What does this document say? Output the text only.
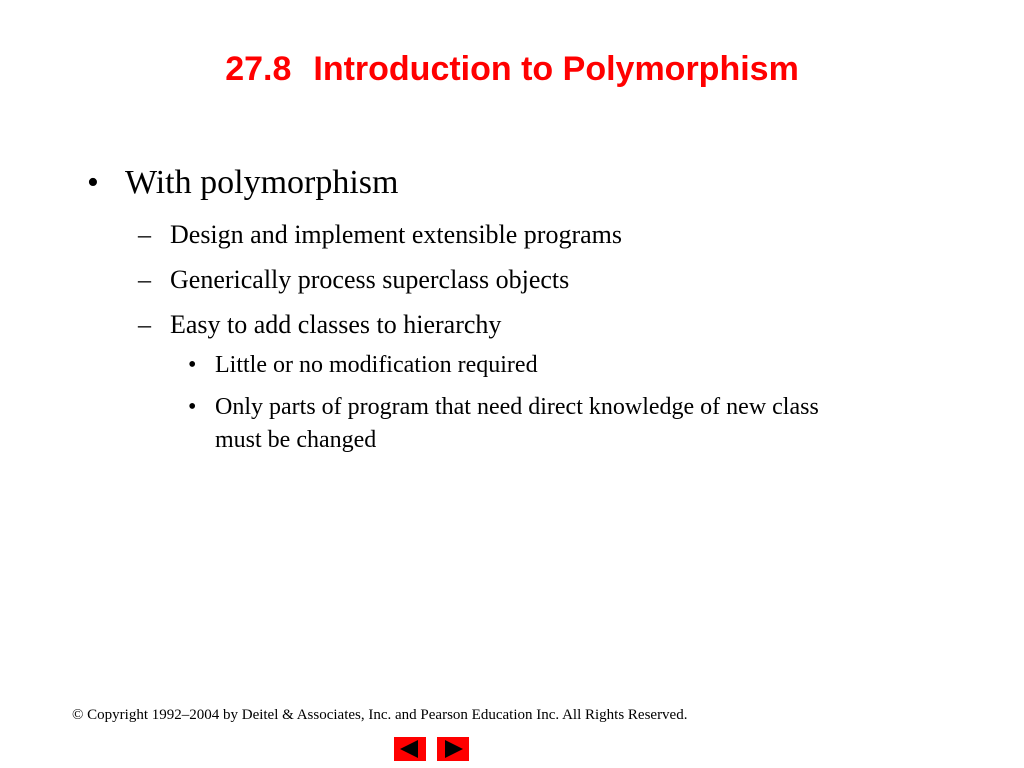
27.8 Introduction to Polymorphism
• With polymorphism
– Design and implement extensible programs
– Generically process superclass objects
– Easy to add classes to hierarchy
• Little or no modification required
• Only parts of program that need direct knowledge of new class
must be changed
© Copyright 1992–2004 by Deitel & Associates, Inc. and Pearson Education Inc. All Rights Reserved.
